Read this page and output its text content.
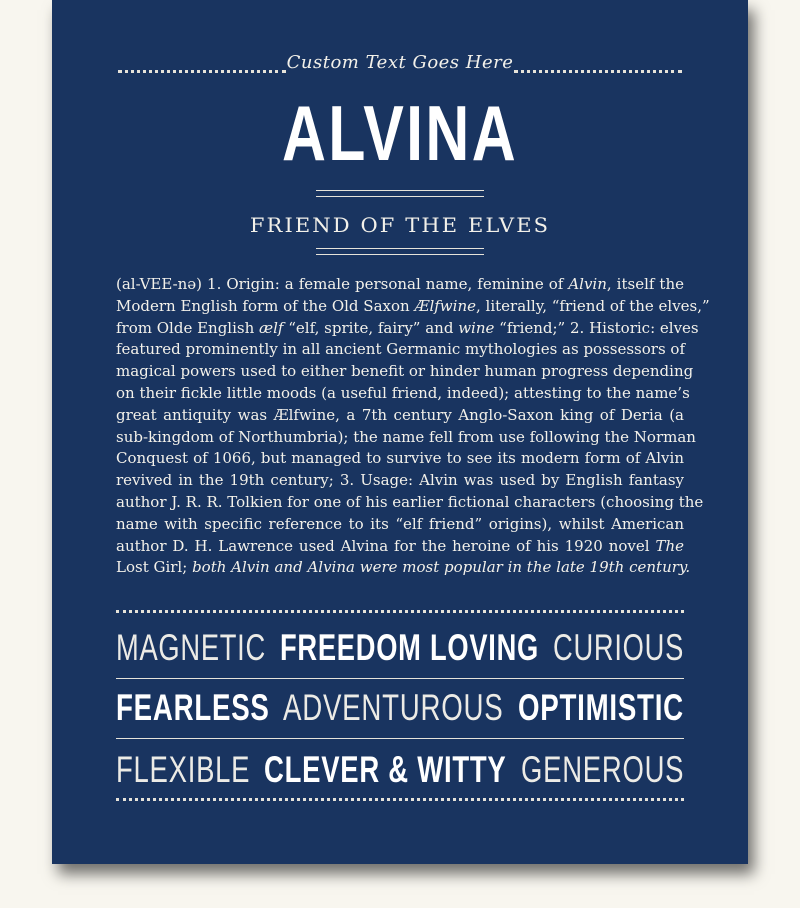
Custom Text Goes Here
ALVINA
FRIEND OF THE ELVES
(al-VEE-nə) 1. Origin: a female personal name, feminine of Alvin, itself the
Modern English form of the Old Saxon Ælfwine, literally, “friend of the elves,”
from Olde English ælf “elf, sprite, fairy” and wine “friend;” 2. Historic: elves
featured prominently in all ancient Germanic mythologies as possessors of
magical powers used to either benefit or hinder human progress depending
on their fickle little moods (a useful friend, indeed); attesting to the name’s
great antiquity was Ælfwine, a 7th century Anglo-Saxon king of Deria (a
sub-kingdom of Northumbria); the name fell from use following the Norman
Conquest of 1066, but managed to survive to see its modern form of Alvin
revived in the 19th century; 3. Usage: Alvin was used by English fantasy
author J. R. R. Tolkien for one of his earlier fictional characters (choosing the
name with specific reference to its “elf friend” origins), whilst American
author D. H. Lawrence used Alvina for the heroine of his 1920 novel The
Lost Girl; both Alvin and Alvina were most popular in the late 19th century.
MAGNETIC FREEDOM LOVING CURIOUS
FEARLESS ADVENTUROUS OPTIMISTIC
FLEXIBLE CLEVER & WITTY GENEROUS
